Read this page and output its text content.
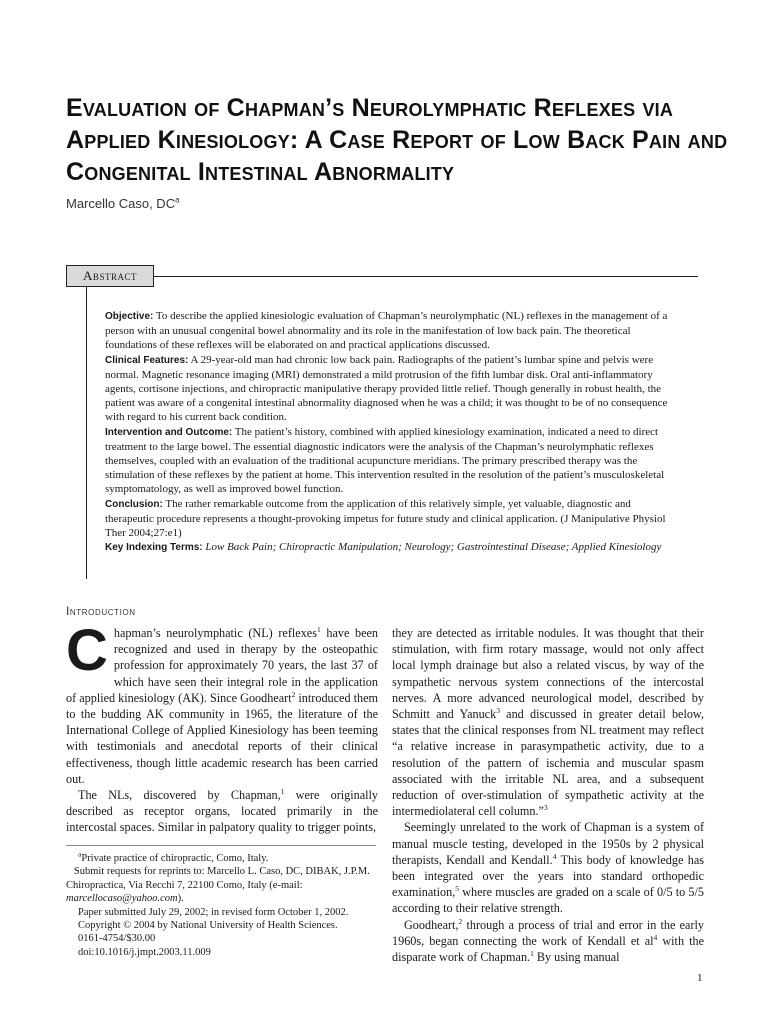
Evaluation of Chapman’s Neurolymphatic Reflexes via Applied Kinesiology: A Case Report of Low Back Pain and Congenital Intestinal Abnormality
Marcello Caso, $DC^a$
Abstract

Objective: To describe the applied kinesiologic evaluation of Chapman’s neurolymphatic (NL) reflexes in the management of a person with an unusual congenital bowel abnormality and its role in the manifestation of low back pain. The theoretical foundations of these reflexes will be elaborated on and practical applications discussed.

Clinical Features: A 29-year-old man had chronic low back pain. Radiographs of the patient’s lumbar spine and pelvis were normal. Magnetic resonance imaging (MRI) demonstrated a mild protrusion of the fifth lumbar disk. Oral anti-inflammatory agents, cortisone injections, and chiropractic manipulative therapy provided little relief. Though generally in robust health, the patient was aware of a congenital intestinal abnormality diagnosed when he was a child; it was thought to be of no consequence with regard to his current back condition.

Intervention and Outcome: The patient’s history, combined with applied kinesiology examination, indicated a need to direct treatment to the large bowel. The essential diagnostic indicators were the analysis of the Chapman’s neurolymphatic reflexes themselves, coupled with an evaluation of the traditional acupuncture meridians. The primary prescribed therapy was the stimulation of these reflexes by the patient at home. This intervention resulted in the resolution of the patient’s musculoskeletal symptomatology, as well as improved bowel function.

Conclusion: The rather remarkable outcome from the application of this relatively simple, yet valuable, diagnostic and therapeutic procedure represents a thought-provoking impetus for future study and clinical application. (J Manipulative Physiol Ther 2004;27:e1)

Key Indexing Terms: Low Back Pain; Chiropractic Manipulation; Neurology; Gastrointestinal Disease; Applied Kinesiology

Introduction

Chapman’s neurolymphatic (NL) reflexes$^1$ have been recognized and used in therapy by the osteopathic profession for approximately 70 years, the last 37 of which have seen their integral role in the application of applied kinesiology (AK). Since Goodheart$^2$ introduced them to the budding AK community in 1965, the literature of the International College of Applied Kinesiology has been teeming with testimonials and anecdotal reports of their clinical effectiveness, though little academic research has been carried out.

The NLs, discovered by Chapman,$^1$ were originally described as receptor organs, located primarily in the intercostal spaces. Similar in palpatory quality to trigger points,

they are detected as irritable nodules. It was thought that their stimulation, with firm rotary massage, would not only affect local lymph drainage but also a related viscus, by way of the sympathetic nervous system connections of the intercostal nerves. A more advanced neurological model, described by Schmitt and Yanuck$^3$ and discussed in greater detail below, states that the clinical responses from NL treatment may reflect “a relative increase in parasympathetic activity, due to a resolution of the pattern of ischemia and muscular spasm associated with the irritable NL area, and a subsequent reduction of over-stimulation of sympathetic activity at the intermediolateral cell column.”$^3$

Seemingly unrelated to the work of Chapman is a system of manual muscle testing, developed in the 1950s by 2 physical therapists, Kendall and Kendall.$^4$ This body of knowledge has been integrated over the years into standard orthopedic examination,$^5$ where muscles are graded on a scale of 0/5 to 5/5 according to their relative strength.

Goodheart,$^2$ through a process of trial and error in the early 1960s, began connecting the work of Kendall et $al^4$ with the disparate work of Chapman.$^1$ By using manual

$^a$Private practice of chiropractic, Como, Italy.

Submit requests for reprints to: Marcello L. Caso, DC, DIBAK, J.P.M. Chiropractica, Via Recchi 7, 22100 Como, Italy (e-mail: marcellocaso@yahoo.com).

Paper submitted July 29, 2002; in revised form October 1, 2002.

Copyright © 2004 by National University of Health Sciences.

0161-4754/$30.00

doi:10.1016/j.jmpt.2003.11.009

1
